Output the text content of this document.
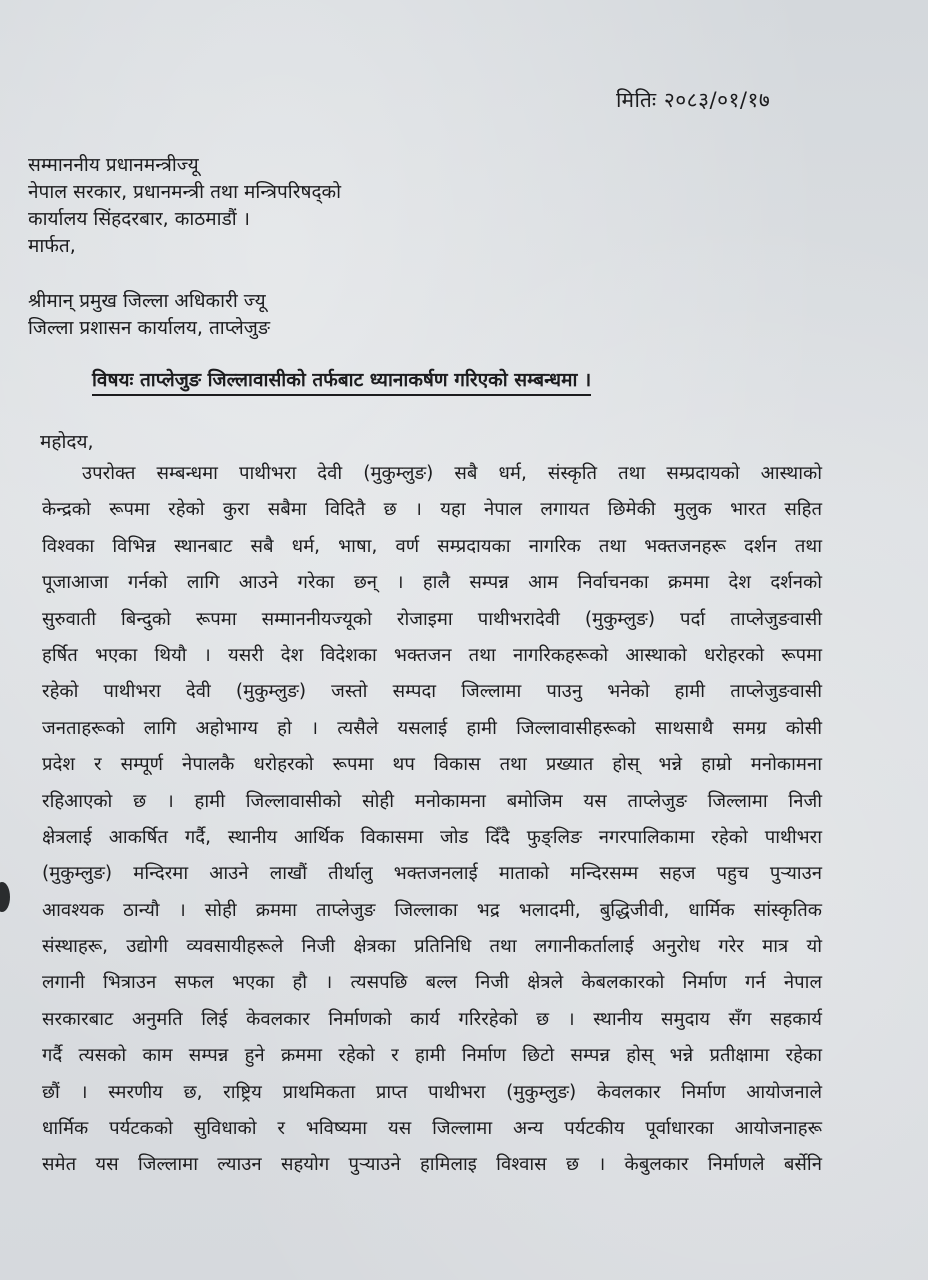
मितिः २०८३/०१/१७
सम्माननीय प्रधानमन्त्रीज्यू
नेपाल सरकार, प्रधानमन्त्री तथा मन्त्रिपरिषद्को
कार्यालय सिंहदरबार, काठमाडौं ।
मार्फत,
श्रीमान् प्रमुख जिल्ला अधिकारी ज्यू
जिल्ला प्रशासन कार्यालय, ताप्लेजुङ
विषयः ताप्लेजुङ जिल्लावासीको तर्फबाट ध्यानाकर्षण गरिएको सम्बन्धमा ।
महोदय,
उपरोक्त सम्बन्धमा पाथीभरा देवी (मुकुम्लुङ) सबै धर्म, संस्कृति तथा सम्प्रदायको आस्थाको
केन्द्रको रूपमा रहेको कुरा सबैमा विदितै छ । यहा नेपाल लगायत छिमेकी मुलुक भारत सहित
विश्वका विभिन्न स्थानबाट सबै धर्म, भाषा, वर्ण सम्प्रदायका नागरिक तथा भक्तजनहरू दर्शन तथा
पूजाआजा गर्नको लागि आउने गरेका छन् । हालै सम्पन्न आम निर्वाचनका क्रममा देश दर्शनको
सुरुवाती बिन्दुको रूपमा सम्माननीयज्यूको रोजाइमा पाथीभरादेवी (मुकुम्लुङ) पर्दा ताप्लेजुङवासी
हर्षित भएका थियौ । यसरी देश विदेशका भक्तजन तथा नागरिकहरूको आस्थाको धरोहरको रूपमा
रहेको पाथीभरा देवी (मुकुम्लुङ) जस्तो सम्पदा जिल्लामा पाउनु भनेको हामी ताप्लेजुङवासी
जनताहरूको लागि अहोभाग्य हो । त्यसैले यसलाई हामी जिल्लावासीहरूको साथसाथै समग्र कोसी
प्रदेश र सम्पूर्ण नेपालकै धरोहरको रूपमा थप विकास तथा प्रख्यात होस् भन्ने हाम्रो मनोकामना
रहिआएको छ । हामी जिल्लावासीको सोही मनोकामना बमोजिम यस ताप्लेजुङ जिल्लामा निजी
क्षेत्रलाई आकर्षित गर्दै, स्थानीय आर्थिक विकासमा जोड दिँदै फुङ्लिङ नगरपालिकामा रहेको पाथीभरा
(मुकुम्लुङ) मन्दिरमा आउने लाखौं तीर्थालु भक्तजनलाई माताको मन्दिरसम्म सहज पहुच पुऱ्याउन
आवश्यक ठान्यौ । सोही क्रममा ताप्लेजुङ जिल्लाका भद्र भलादमी, बुद्धिजीवी, धार्मिक सांस्कृतिक
संस्थाहरू, उद्योगी व्यवसायीहरूले निजी क्षेत्रका प्रतिनिधि तथा लगानीकर्तालाई अनुरोध गरेर मात्र यो
लगानी भित्राउन सफल भएका हौ । त्यसपछि बल्ल निजी क्षेत्रले केबलकारको निर्माण गर्न नेपाल
सरकारबाट अनुमति लिई केवलकार निर्माणको कार्य गरिरहेको छ । स्थानीय समुदाय सँग सहकार्य
गर्दै त्यसको काम सम्पन्न हुने क्रममा रहेको र हामी निर्माण छिटो सम्पन्न होस् भन्ने प्रतीक्षामा रहेका
छौं । स्मरणीय छ, राष्ट्रिय प्राथमिकता प्राप्त पाथीभरा (मुकुम्लुङ) केवलकार निर्माण आयोजनाले
धार्मिक पर्यटकको सुविधाको र भविष्यमा यस जिल्लामा अन्य पर्यटकीय पूर्वाधारका आयोजनाहरू
समेत यस जिल्लामा ल्याउन सहयोग पुऱ्याउने हामिलाइ विश्वास छ । केबुलकार निर्माणले बर्सेनि
